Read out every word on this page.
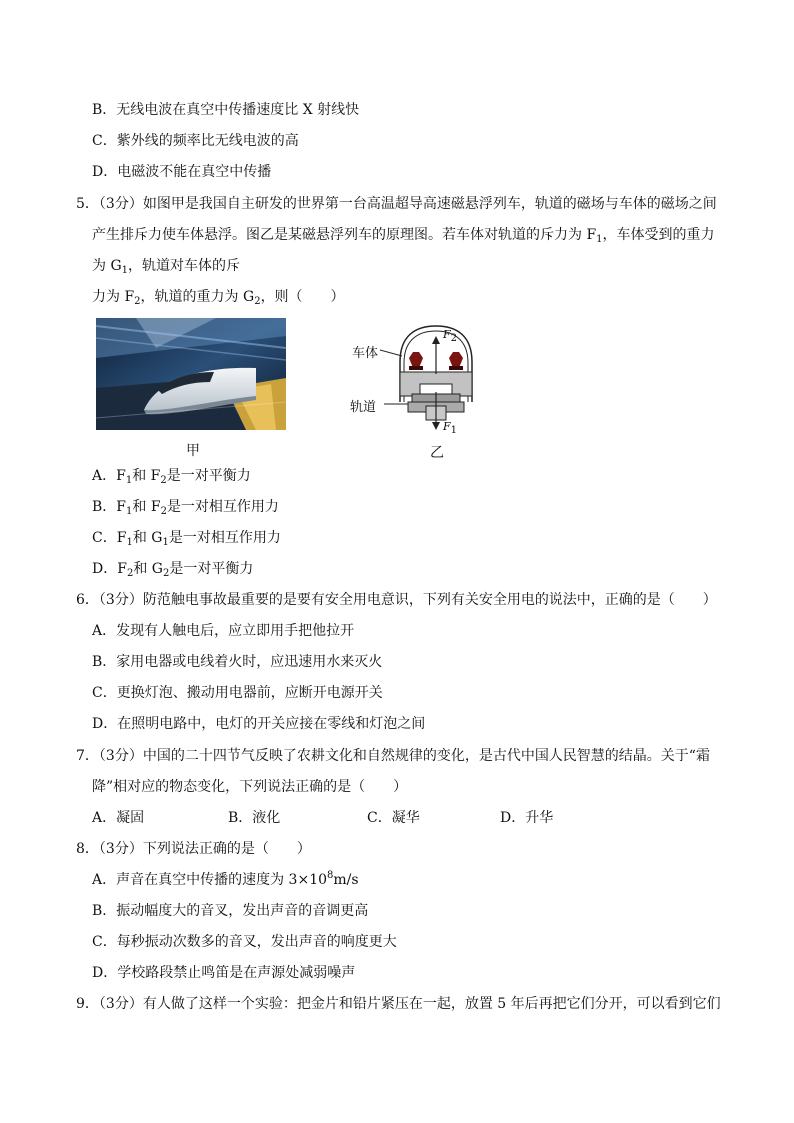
B．无线电波在真空中传播速度比 X 射线快
C．紫外线的频率比无线电波的高
D．电磁波不能在真空中传播
5．（3分）如图甲是我国自主研发的世界第一台高温超导高速磁悬浮列车，轨道的磁场与车体的磁场之间
产生排斥力使车体悬浮。图乙是某磁悬浮列车的原理图。若车体对轨道的斥力为 $F_1$，车体受到的重力
为 $G_1$，轨道对车体的斥
力为 $F_2$，轨道的重力为 $G_2$，则（　　）
甲
车体
轨道
F2
F1
乙
A．$F_1$和 $F_2$是一对平衡力
B．$F_1$和 $F_2$是一对相互作用力
C．$F_1$和 $G_1$是一对相互作用力
D．$F_2$和 $G_2$是一对平衡力
6．（3分）防范触电事故最重要的是要有安全用电意识，下列有关安全用电的说法中，正确的是（　　）
A．发现有人触电后，应立即用手把他拉开
B．家用电器或电线着火时，应迅速用水来灭火
C．更换灯泡、搬动用电器前，应断开电源开关
D．在照明电路中，电灯的开关应接在零线和灯泡之间
7．（3分）中国的二十四节气反映了农耕文化和自然规律的变化，是古代中国人民智慧的结晶。关于“霜
降”相对应的物态变化，下列说法正确的是（　　）
A．凝固	B．液化	C．凝华	D．升华
8．（3分）下列说法正确的是（　　）
A．声音在真空中传播的速度为 $3\times 10^8m/s$
B．振动幅度大的音叉，发出声音的音调更高
C．每秒振动次数多的音叉，发出声音的响度更大
D．学校路段禁止鸣笛是在声源处减弱噪声
9．（3分）有人做了这样一个实验：把金片和铅片紧压在一起，放置 5 年后再把它们分开，可以看到它们
